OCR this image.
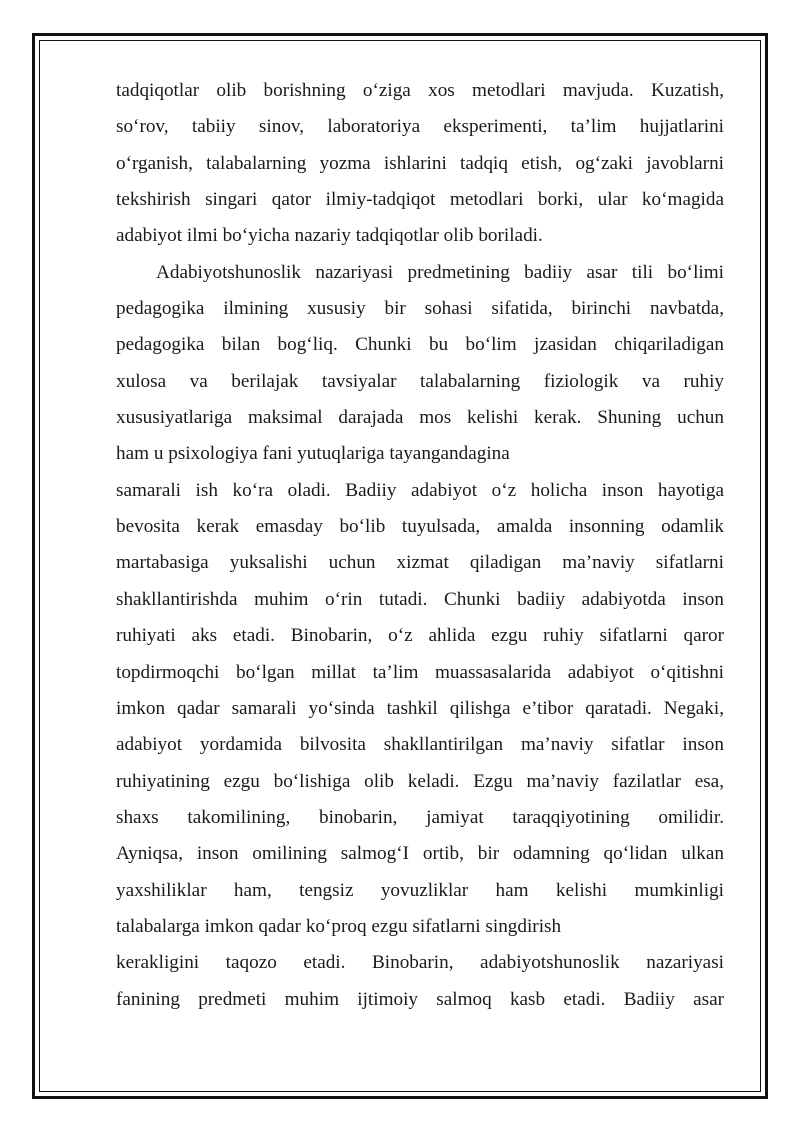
tadqiqotlar olib borishning o‘ziga xos metodlari mavjuda. Kuzatish,
so‘rov, tabiiy sinov, laboratoriya eksperimenti, ta’lim hujjatlarini
o‘rganish, talabalarning yozma ishlarini tadqiq etish, og‘zaki javoblarni
tekshirish singari qator ilmiy-tadqiqot metodlari borki, ular ko‘magida
adabiyot ilmi bo‘yicha nazariy tadqiqotlar olib boriladi.
Adabiyotshunoslik nazariyasi predmetining badiiy asar tili bo‘limi
pedagogika ilmining xususiy bir sohasi sifatida, birinchi navbatda,
pedagogika bilan bog‘liq. Chunki bu bo‘lim jzasidan chiqariladigan
xulosa va berilajak tavsiyalar talabalarning fiziologik va ruhiy
xususiyatlariga maksimal darajada mos kelishi kerak. Shuning uchun
ham u psixologiya fani yutuqlariga tayangandagina
samarali ish ko‘ra oladi. Badiiy adabiyot o‘z holicha inson hayotiga
bevosita kerak emasday bo‘lib tuyulsada, amalda insonning odamlik
martabasiga yuksalishi uchun xizmat qiladigan ma’naviy sifatlarni
shakllantirishda muhim o‘rin tutadi. Chunki badiiy adabiyotda inson
ruhiyati aks etadi. Binobarin, o‘z ahlida ezgu ruhiy sifatlarni qaror
topdirmoqchi bo‘lgan millat ta’lim muassasalarida adabiyot o‘qitishni
imkon qadar samarali yo‘sinda tashkil qilishga e’tibor qaratadi. Negaki,
adabiyot yordamida bilvosita shakllantirilgan ma’naviy sifatlar inson
ruhiyatining ezgu bo‘lishiga olib keladi. Ezgu ma’naviy fazilatlar esa,
shaxs takomilining, binobarin, jamiyat taraqqiyotining omilidir.
Ayniqsa, inson omilining salmog‘I ortib, bir odamning qo‘lidan ulkan
yaxshiliklar ham, tengsiz yovuzliklar ham kelishi mumkinligi
talabalarga imkon qadar ko‘proq ezgu sifatlarni singdirish
kerakligini taqozo etadi. Binobarin, adabiyotshunoslik nazariyasi
fanining predmeti muhim ijtimoiy salmoq kasb etadi. Badiiy asar
